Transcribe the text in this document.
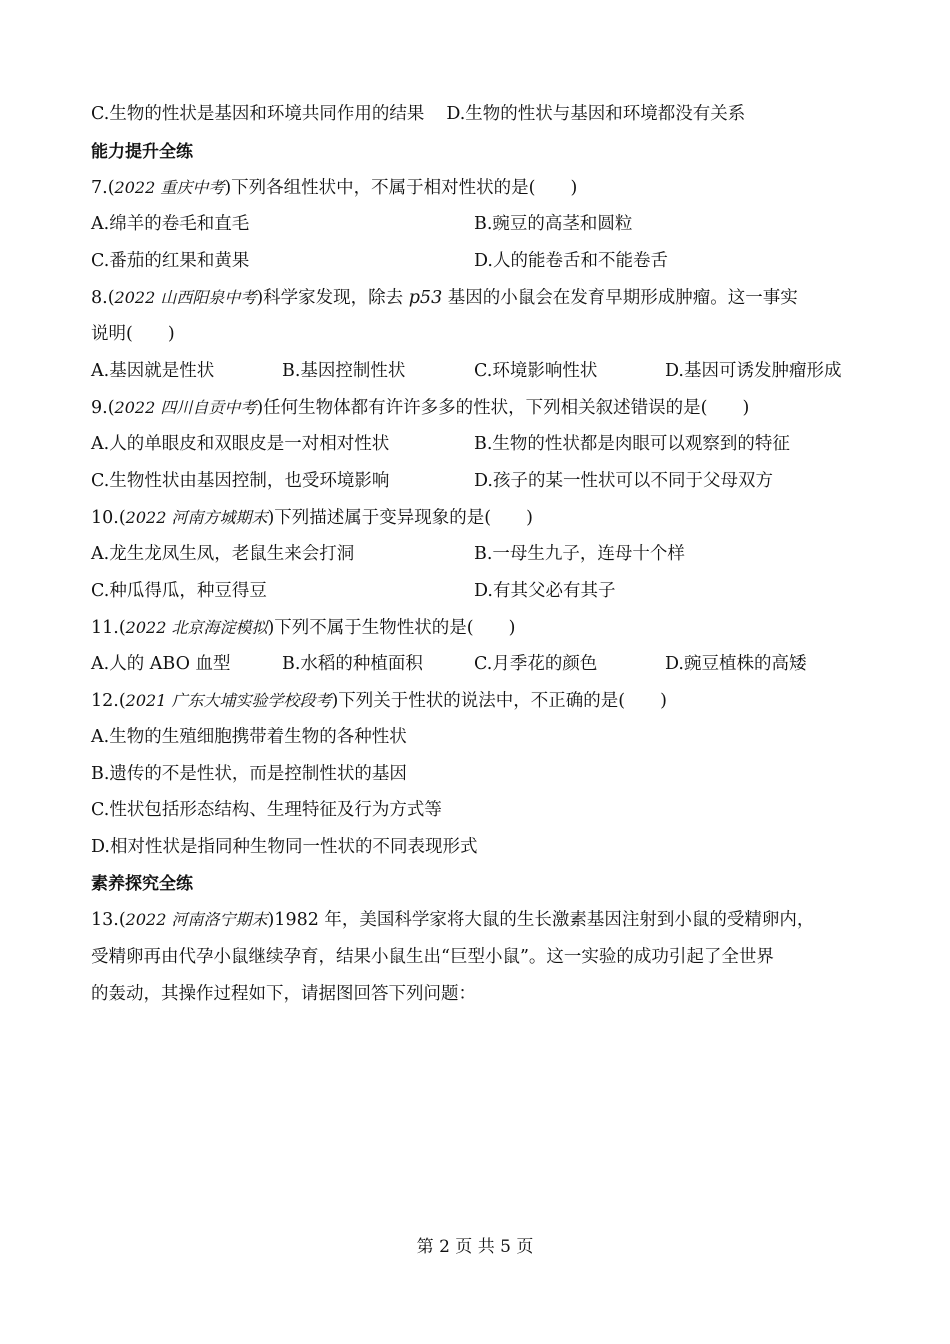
C.生物的性状是基因和环境共同作用的结果 D.生物的性状与基因和环境都没有关系
能力提升全练
7.(2022 重庆中考)下列各组性状中，不属于相对性状的是(　　)
A.绵羊的卷毛和直毛	B.豌豆的高茎和圆粒
C.番茄的红果和黄果	D.人的能卷舌和不能卷舌
8.(2022 山西阳泉中考)科学家发现，除去 p53 基因的小鼠会在发育早期形成肿瘤。这一事实
说明(　　)
A.基因就是性状	B.基因控制性状	C.环境影响性状	D.基因可诱发肿瘤形成
9.(2022 四川自贡中考)任何生物体都有许许多多的性状，下列相关叙述错误的是(　　)
A.人的单眼皮和双眼皮是一对相对性状	B.生物的性状都是肉眼可以观察到的特征
C.生物性状由基因控制，也受环境影响	D.孩子的某一性状可以不同于父母双方
10.(2022 河南方城期末)下列描述属于变异现象的是(　　)
A.龙生龙凤生凤，老鼠生来会打洞	B.一母生九子，连母十个样
C.种瓜得瓜，种豆得豆	D.有其父必有其子
11.(2022 北京海淀模拟)下列不属于生物性状的是(　　)
A.人的 ABO 血型	B.水稻的种植面积	C.月季花的颜色	D.豌豆植株的高矮
12.(2021 广东大埔实验学校段考)下列关于性状的说法中，不正确的是(　　)
A.生物的生殖细胞携带着生物的各种性状
B.遗传的不是性状，而是控制性状的基因
C.性状包括形态结构、生理特征及行为方式等
D.相对性状是指同种生物同一性状的不同表现形式
素养探究全练
13.(2022 河南洛宁期末)1982 年，美国科学家将大鼠的生长激素基因注射到小鼠的受精卵内，
受精卵再由代孕小鼠继续孕育，结果小鼠生出“巨型小鼠”。这一实验的成功引起了全世界
的轰动，其操作过程如下，请据图回答下列问题：
第 2 页 共 5 页
